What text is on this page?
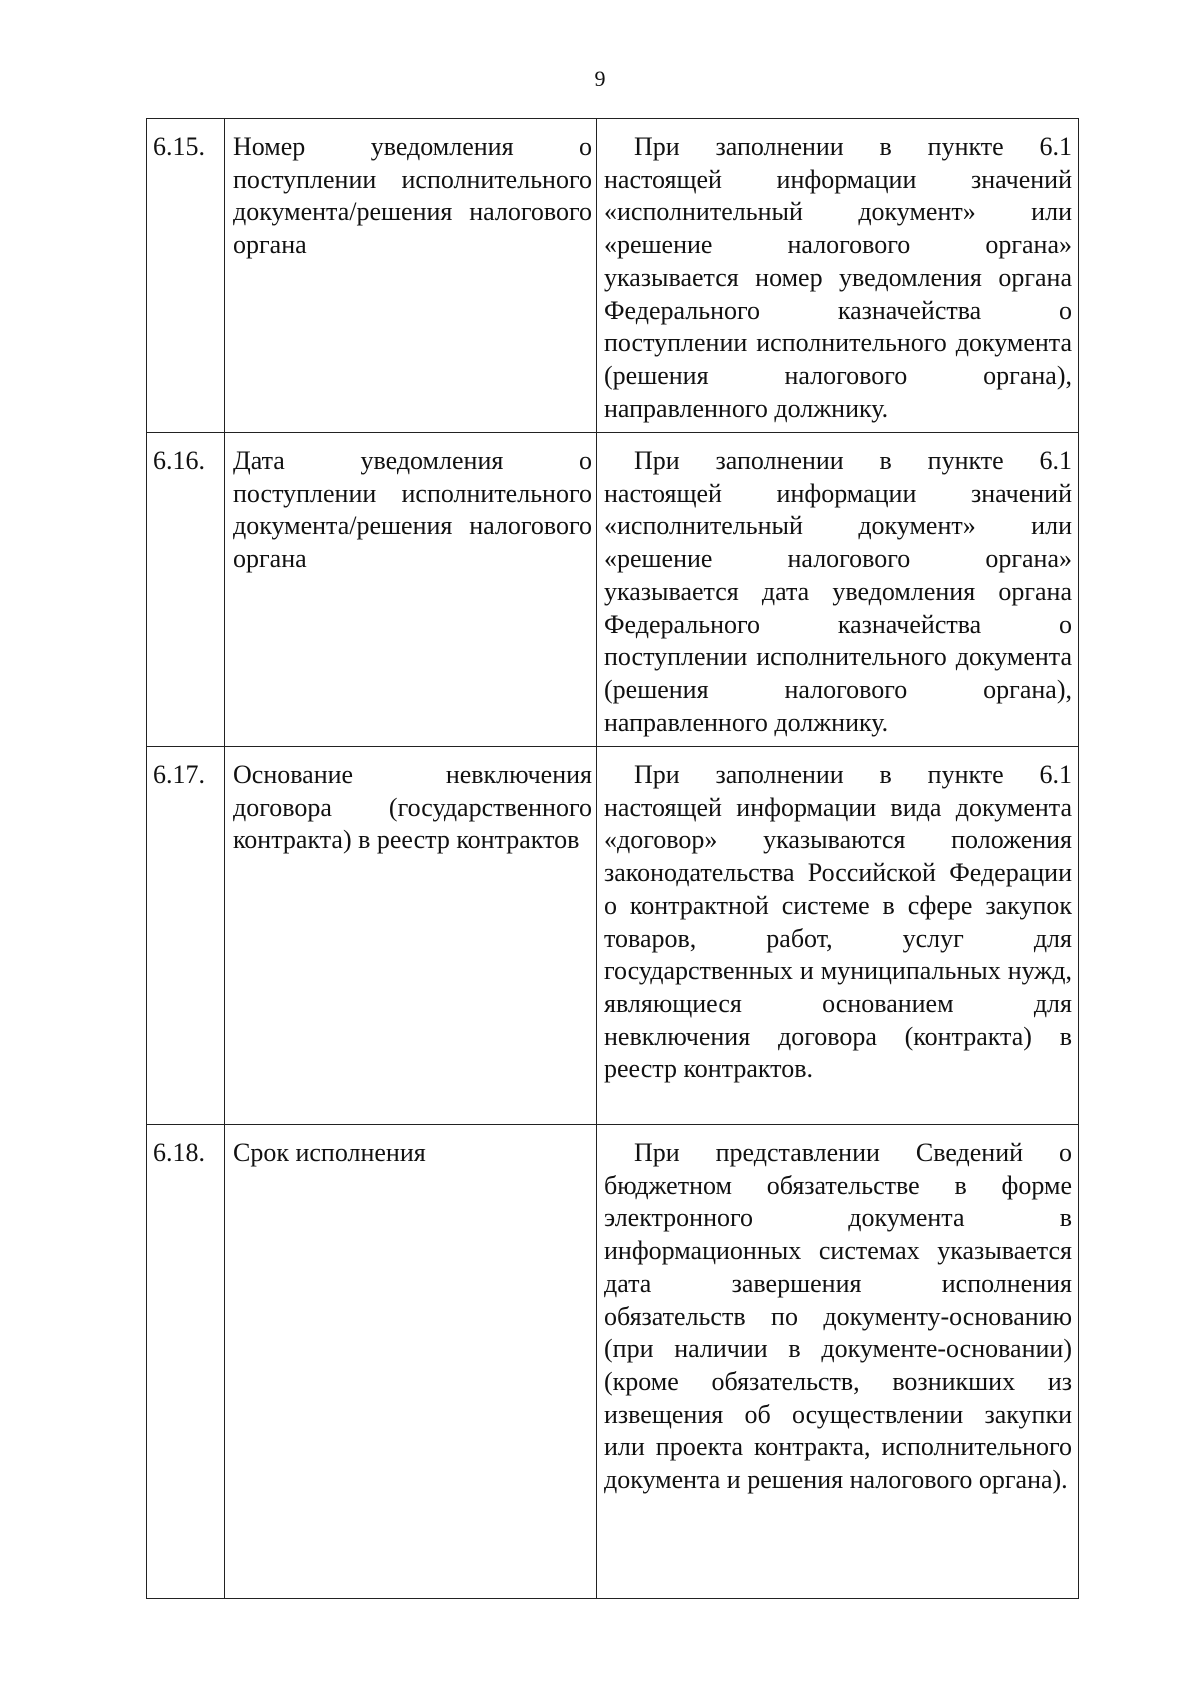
9
6.15.	Номер уведомления о поступлении исполнительного документа/решения налогового органа	При заполнении в пункте 6.1 настоящей информации значений «исполнительный документ» или «решение налогового органа» указывается номер уведомления органа Федерального казначейства о поступлении исполнительного документа (решения налогового органа), направленного должнику.

6.16.	Дата уведомления о поступлении исполнительного документа/решения налогового органа	При заполнении в пункте 6.1 настоящей информации значений «исполнительный документ» или «решение налогового органа» указывается дата уведомления органа Федерального казначейства о поступлении исполнительного документа (решения налогового органа), направленного должнику.

6.17.	Основание невключения договора (государственного контракта) в реестр контрактов	При заполнении в пункте 6.1 настоящей информации вида документа «договор» указываются положения законодательства Российской Федерации о контрактной системе в сфере закупок товаров, работ, услуг для государственных и муниципальных нужд, являющиеся основанием для невключения договора (контракта) в реестр контрактов.

6.18.	Срок исполнения	При представлении Сведений о бюджетном обязательстве в форме электронного документа в информационных системах указывается дата завершения исполнения обязательств по документу-основанию (при наличии в документе-основании) (кроме обязательств, возникших из извещения об осуществлении закупки или проекта контракта, исполнительного документа и решения налогового органа).
